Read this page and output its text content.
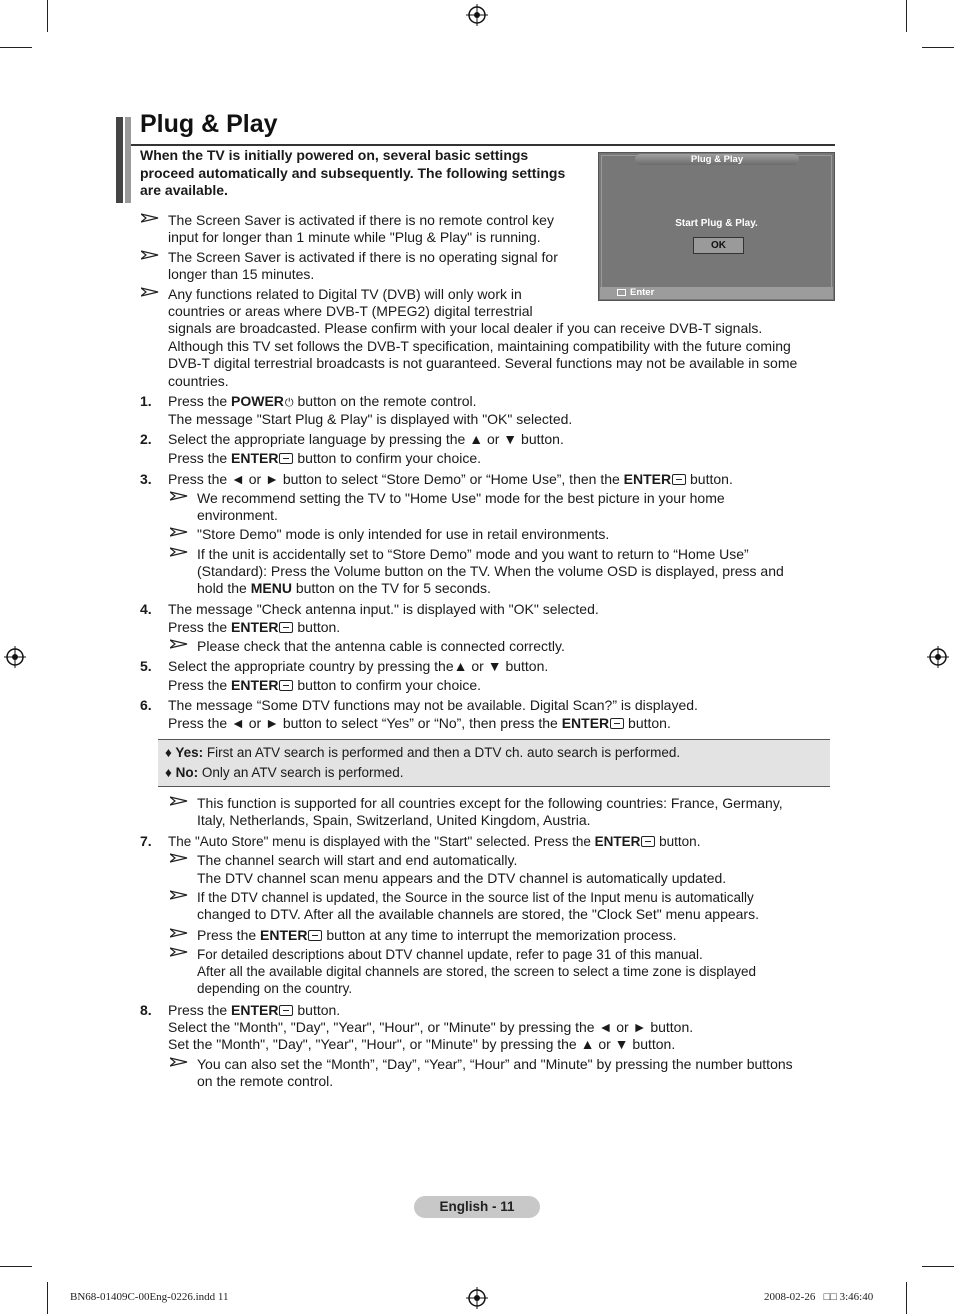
Plug & Play
When the TV is initially powered on, several basic settings proceed automatically and subsequently. The following settings are available.
Plug & Play
Start Plug & Play.
OK
Enter
The Screen Saver is activated if there is no remote control key
input for longer than 1 minute while "Plug & Play" is running.
The Screen Saver is activated if there is no operating signal for
longer than 15 minutes.
Any functions related to Digital TV (DVB) will only work in
countries or areas where DVB-T (MPEG2) digital terrestrial
signals are broadcasted. Please confirm with your local dealer if you can receive DVB-T signals.
Although this TV set follows the DVB-T specification, maintaining compatibility with the future coming
DVB-T digital terrestrial broadcasts is not guaranteed. Several functions may not be available in some
countries.
1. Press the POWER⏻ button on the remote control.
The message "Start Plug & Play" is displayed with "OK" selected.
2. Select the appropriate language by pressing the ▲ or ▼ button.
Press the ENTER button to confirm your choice.
3. Press the ◄ or ► button to select “Store Demo” or “Home Use”, then the ENTER button.
We recommend setting the TV to "Home Use" mode for the best picture in your home
environment.
"Store Demo" mode is only intended for use in retail environments.
If the unit is accidentally set to “Store Demo” mode and you want to return to “Home Use”
(Standard): Press the Volume button on the TV. When the volume OSD is displayed, press and
hold the MENU button on the TV for 5 seconds.
4. The message "Check antenna input." is displayed with "OK" selected.
Press the ENTER button.
Please check that the antenna cable is connected correctly.
5. Select the appropriate country by pressing the▲ or ▼ button.
Press the ENTER button to confirm your choice.
6. The message “Some DTV functions may not be available. Digital Scan?” is displayed.
Press the ◄ or ► button to select “Yes” or “No”, then press the ENTER button.
♦ Yes: First an ATV search is performed and then a DTV ch. auto search is performed.
♦ No: Only an ATV search is performed.
This function is supported for all countries except for the following countries: France, Germany,
Italy, Netherlands, Spain, Switzerland, United Kingdom, Austria.
7. The "Auto Store" menu is displayed with the "Start" selected. Press the ENTER button.
The channel search will start and end automatically.
The DTV channel scan menu appears and the DTV channel is automatically updated.
If the DTV channel is updated, the Source in the source list of the Input menu is automatically
changed to DTV. After all the available channels are stored, the "Clock Set" menu appears.
Press the ENTER button at any time to interrupt the memorization process.
For detailed descriptions about DTV channel update, refer to page 31 of this manual.
After all the available digital channels are stored, the screen to select a time zone is displayed
depending on the country.
8. Press the ENTER button.
Select the "Month", "Day", "Year", "Hour", or "Minute" by pressing the ◄ or ► button.
Set the "Month", "Day", "Year", "Hour", or "Minute" by pressing the ▲ or ▼ button.
You can also set the “Month”, “Day”, “Year”, “Hour” and "Minute" by pressing the number buttons
on the remote control.
English - 11
BN68-01409C-00Eng-0226.indd 11	2008-02-26 □□ 3:46:40
